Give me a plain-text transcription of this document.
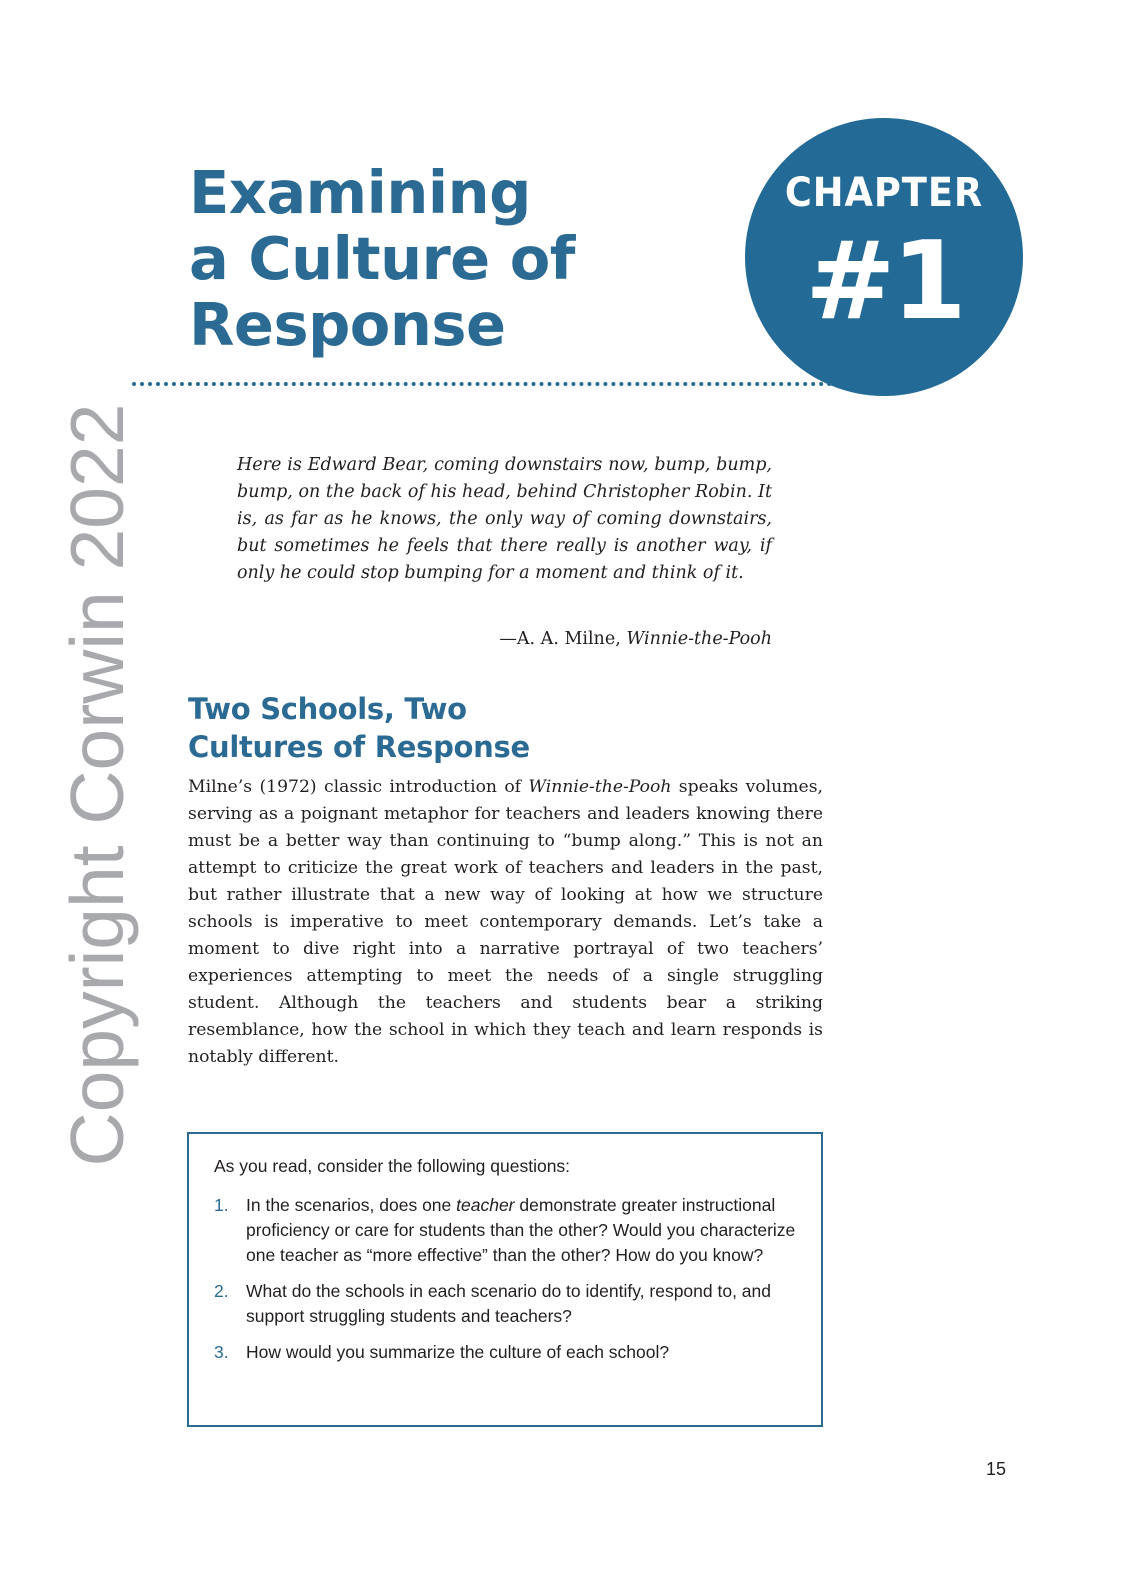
Examining
a Culture of
Response
CHAPTER
#1
Copyright Corwin 2022	Here is Edward Bear, coming downstairs now, bump, bump, bump, on the back of his head, behind Christopher Robin. It is, as far as he knows, the only way of coming downstairs, but sometimes he feels that there really is another way, if only he could stop bumping for a moment and think of it.

—A. A. Milne, Winnie-the-Pooh
Two Schools, Two
Cultures of Response

Milne’s (1972) classic introduction of Winnie-the-Pooh speaks volumes, serving as a poignant metaphor for teachers and leaders knowing there must be a better way than continuing to “bump along.” This is not an attempt to criticize the great work of teachers and leaders in the past, but rather illustrate that a new way of looking at how we structure schools is imperative to meet contemporary demands. Let’s take a moment to dive right into a narrative portrayal of two teachers’ experiences attempting to meet the needs of a single struggling student. Although the teachers and students bear a striking resemblance, how the school in which they teach and learn responds is notably different.

As you read, consider the following questions:

1. In the scenarios, does one teacher demonstrate greater instructional proficiency or care for students than the other? Would you characterize one teacher as “more effective” than the other? How do you know?
2. What do the schools in each scenario do to identify, respond to, and support struggling students and teachers?
3. How would you summarize the culture of each school?
15
